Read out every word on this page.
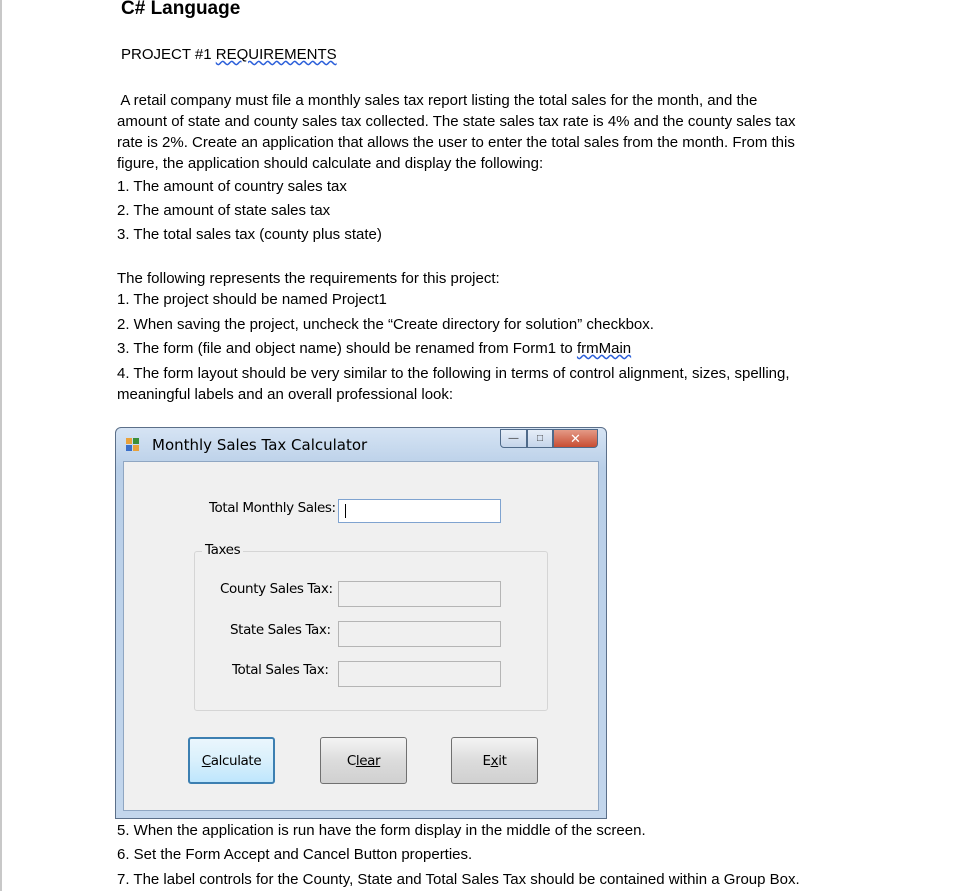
C# Language
PROJECT #1 REQUIREMENTS
A retail company must file a monthly sales tax report listing the total sales for the month, and the
amount of state and county sales tax collected. The state sales tax rate is 4% and the county sales tax
rate is 2%. Create an application that allows the user to enter the total sales from the month. From this
figure, the application should calculate and display the following:
1. The amount of country sales tax
2. The amount of state sales tax
3. The total sales tax (county plus state)
The following represents the requirements for this project:
1. The project should be named Project1
2. When saving the project, uncheck the “Create directory for solution” checkbox.
3. The form (file and object name) should be renamed from Form1 to frmMain
4. The form layout should be very similar to the following in terms of control alignment, sizes, spelling,
meaningful labels and an overall professional look:
Monthly Sales Tax Calculator	—	□	✕
Total Monthly Sales:
Taxes
County Sales Tax:
State Sales Tax:
Total Sales Tax:
C alculate	C lear	E x it
5. When the application is run have the form display in the middle of the screen.
6. Set the Form Accept and Cancel Button properties.
7. The label controls for the County, State and Total Sales Tax should be contained within a Group Box.
